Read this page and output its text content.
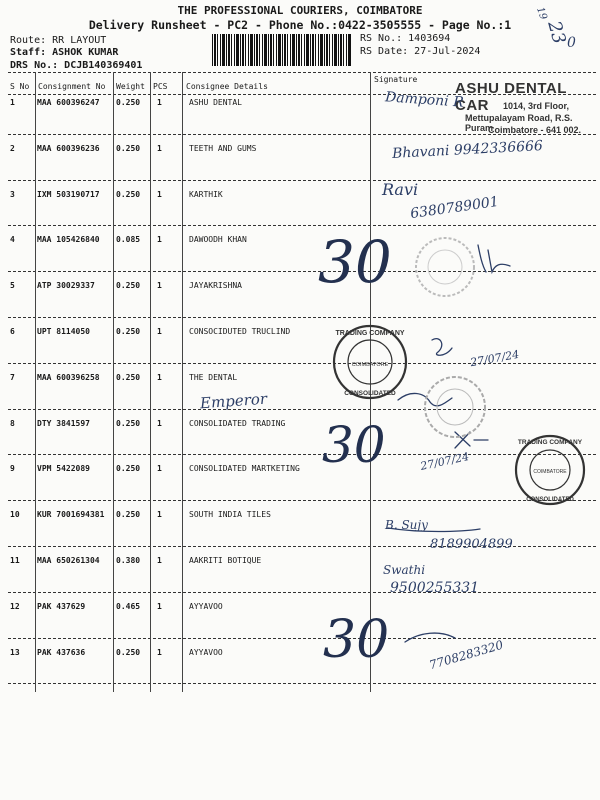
THE PROFESSIONAL COURIERS, COIMBATORE
Delivery Runsheet - PC2 - Phone No.:0422-3505555 - Page No.:1
Route: RR LAYOUT
Staff: ASHOK KUMAR
DRS No.: DCJB140369401
RS No.: 1403694
RS Date: 27-Jul-2024
S No Consignment No Weight PCS Consignee Details
Signature
1	MAA 600396247 0.250 1	ASHU DENTAL
2	MAA 600396236 0.250 1	TEETH AND GUMS
3	IXM 503190717 0.250 1	KARTHIK
4	MAA 105426840 0.085 1	DAWOODH KHAN
5	ATP 30029337	0.250 1	JAYAKRISHNA
6	UPT 8114050	0.250 1	CONSOCIDUTED TRUCLIND
7	MAA 600396258 0.250 1	THE DENTAL
8	DTY 3841597	0.250 1	CONSOLIDATED TRADING
9	VPM 5422089	0.250 1	CONSOLIDATED MARTKETING
10 KUR 7001694381 0.250 1	SOUTH INDIA TILES
11 MAA 650261304 0.380 1	AAKRITI BOTIQUE
12 PAK 437629	0.465 1	AYYAVOO
13 PAK 437636	0.250 1	AYYAVOO
ASHU DENTAL CAR	1014, 3rd Floor,
Mettupalayam Road, R.S. Puram
Coimbatore - 641 002.
19
23
0
Damponi R
Bhavani 9942336666
Ravi
6380789001
27/07/24
Emperor
27/07/24
B. Sujy
8189904899
Swathi
9500255331
7708283320
30
30
30
TRADING COMPANY
COIMBATORE
CONSOLIDATED
TRADING COMPANY
COIMBATORE
CONSOLIDATED
